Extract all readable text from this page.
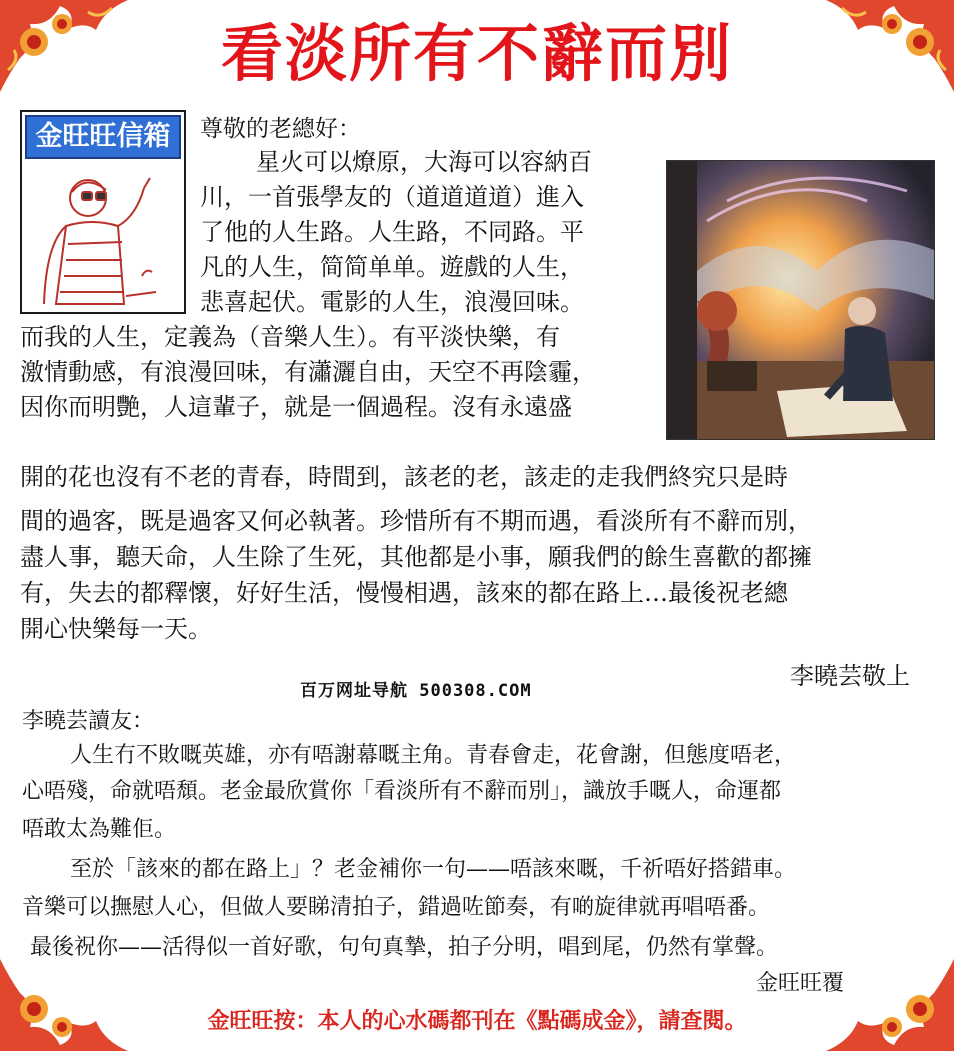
看淡所有不辭而別
金旺旺信箱	尊敬的老總好：
星火可以燎原，大海可以容納百
川，一首張學友的（道道道道）進入
了他的人生路。人生路，不同路。平
凡的人生，简简单单。遊戲的人生，
悲喜起伏。電影的人生，浪漫回味。
而我的人生，定義為（音樂人生）。有平淡快樂，有
激情動感，有浪漫回味，有瀟灑自由，天空不再陰霾，
因你而明艷，人這輩子，就是一個過程。沒有永遠盛
開的花也沒有不老的青春，時間到，該老的老，該走的走我們終究只是時
間的過客，既是過客又何必執著。珍惜所有不期而遇，看淡所有不辭而別，
盡人事，聽天命，人生除了生死，其他都是小事，願我們的餘生喜歡的都擁
有，失去的都釋懷，好好生活，慢慢相遇，該來的都在路上…最後祝老總
開心快樂每一天。
李曉芸敬上
百万网址导航 500308.COM
李曉芸讀友：
人生冇不敗嘅英雄，亦有唔謝幕嘅主角。青春會走，花會謝，但態度唔老，
心唔殘，命就唔頹。老金最欣賞你「看淡所有不辭而別」，識放手嘅人，命運都
唔敢太為難佢。
至於「該來的都在路上」？老金補你一句——唔該來嘅，千祈唔好搭錯車。
音樂可以撫慰人心，但做人要睇清拍子，錯過咗節奏，有啲旋律就再唱唔番。
最後祝你——活得似一首好歌，句句真摯，拍子分明，唱到尾，仍然有掌聲。
金旺旺覆
金旺旺按：本人的心水碼都刊在《點碼成金》，請查閱。
